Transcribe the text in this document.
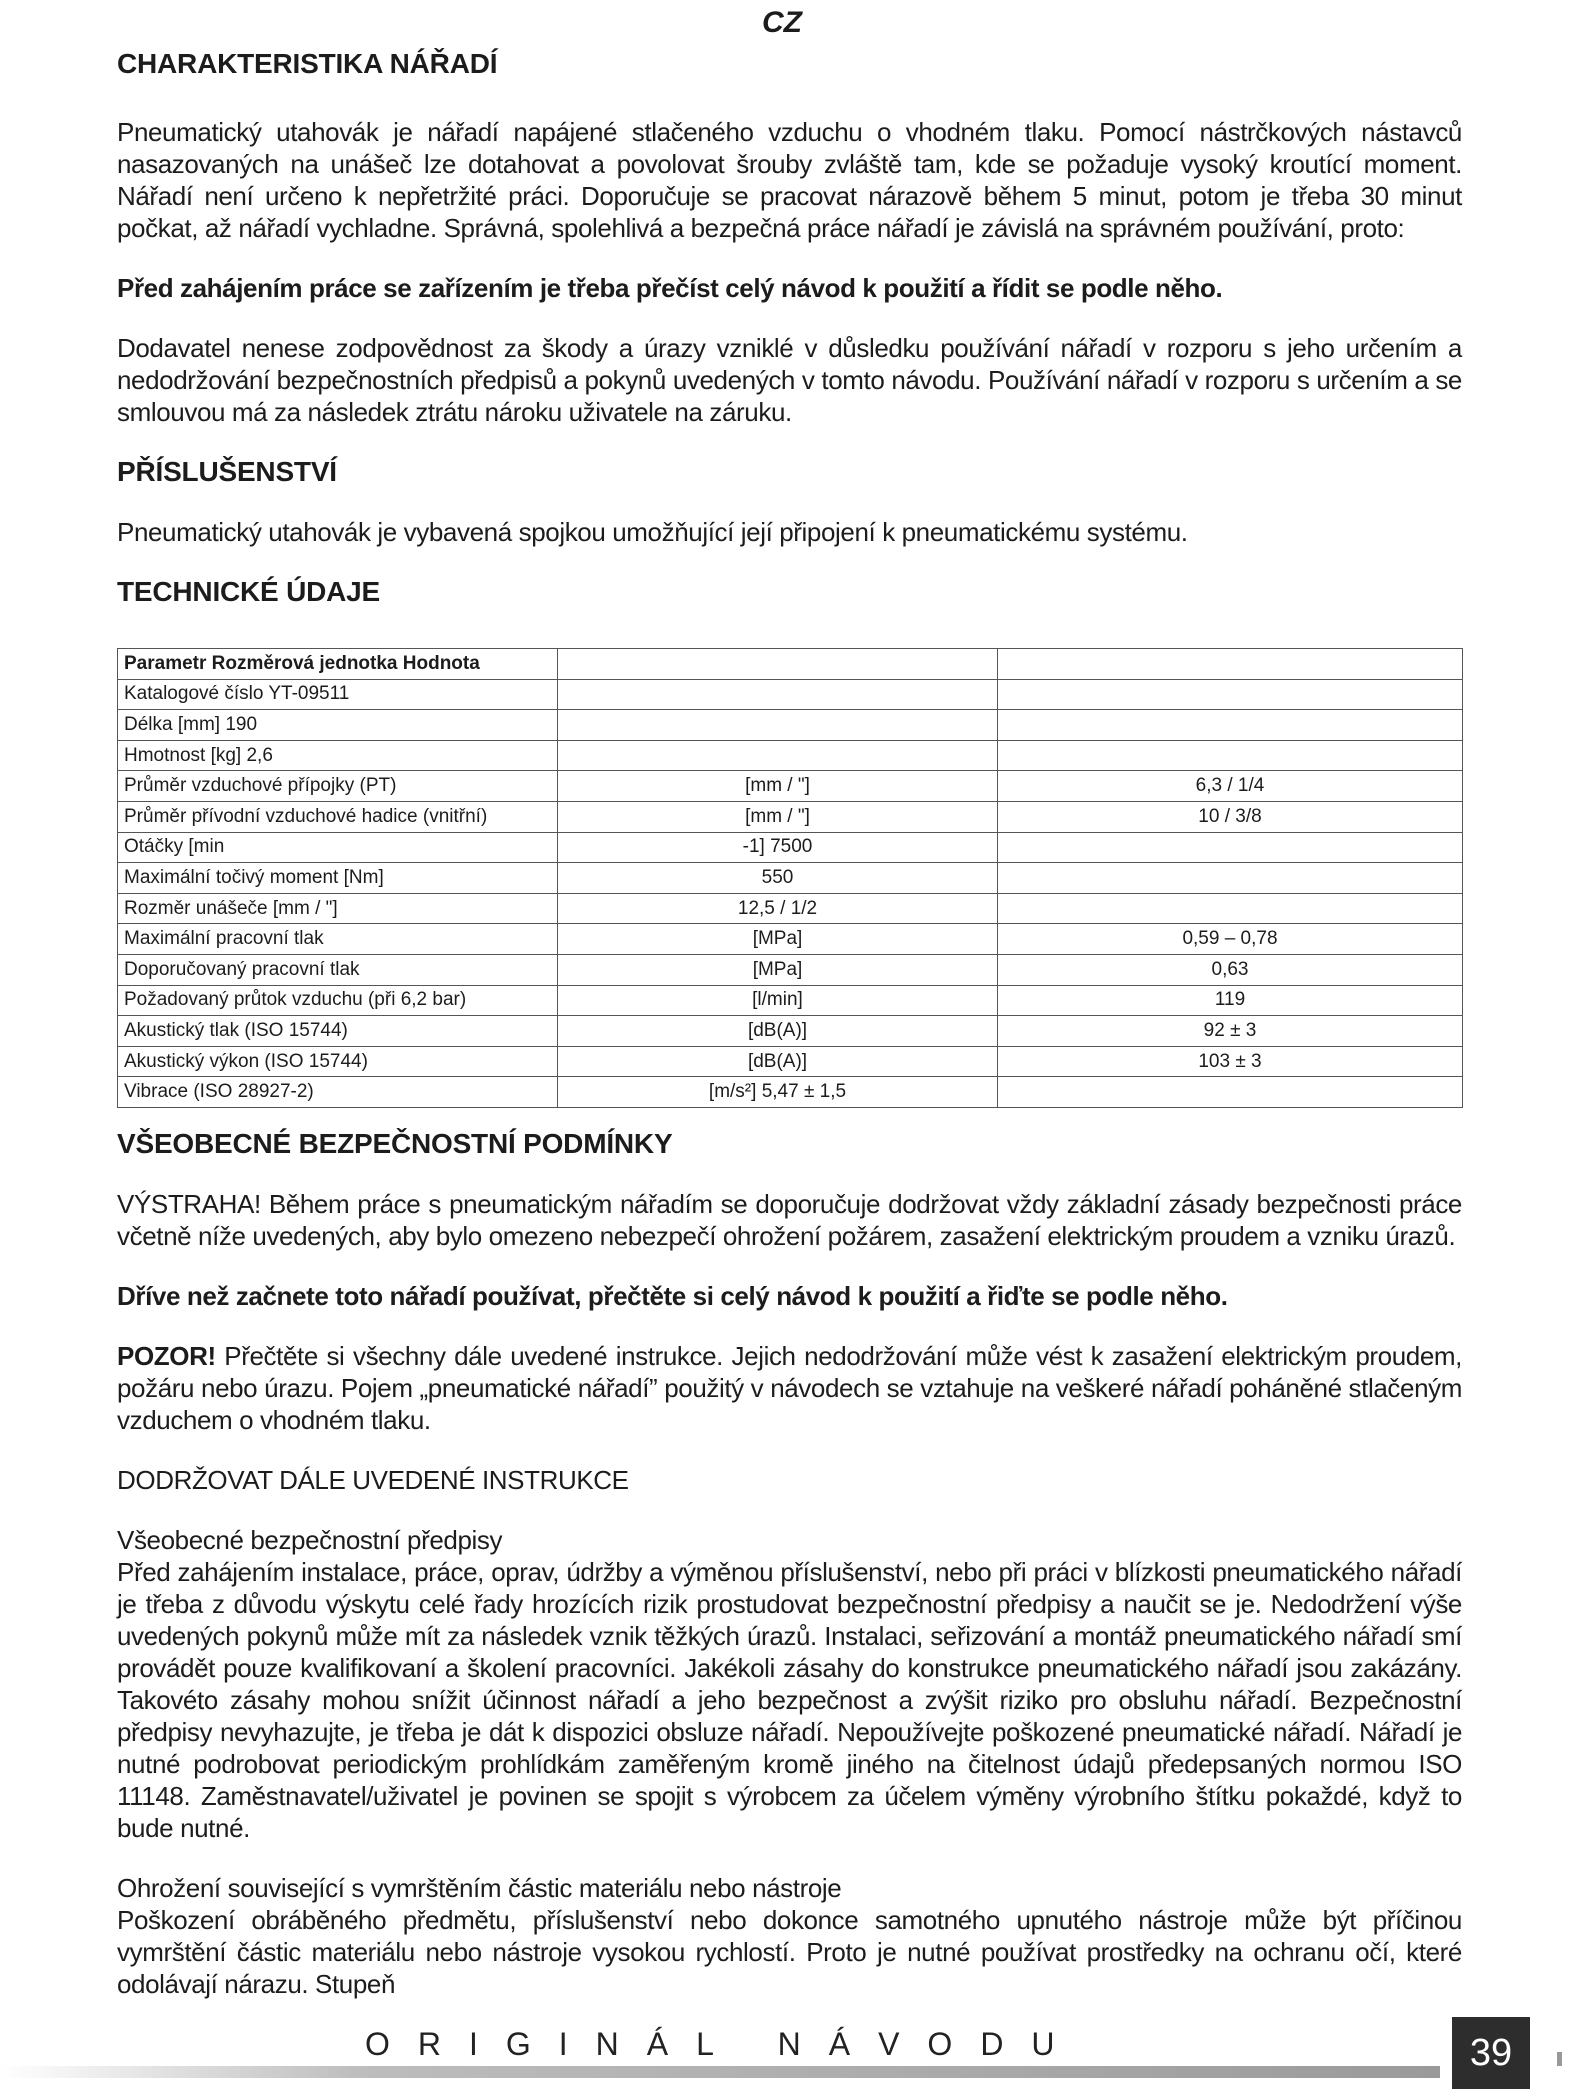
CZ
CHARAKTERISTIKA NÁŘADÍ

Pneumatický utahovák je nářadí napájené stlačeného vzduchu o vhodném tlaku. Pomocí nástrčkových nástavců nasazovaných na unášeč lze dotahovat a povolovat šrouby zvláště tam, kde se požaduje vysoký kroutící moment. Nářadí není určeno k nepřetržité práci. Doporučuje se pracovat nárazově během 5 minut, potom je třeba 30 minut počkat, až nářadí vychladne. Správná, spolehlivá a bezpečná práce nářadí je závislá na správném používání, proto:

Před zahájením práce se zařízením je třeba přečíst celý návod k použití a řídit se podle něho.

Dodavatel nenese zodpovědnost za škody a úrazy vzniklé v důsledku používání nářadí v rozporu s jeho určením a nedodržování bezpečnostních předpisů a pokynů uvedených v tomto návodu. Používání nářadí v rozporu s určením a se smlouvou má za následek ztrátu nároku uživatele na záruku.

PŘÍSLUŠENSTVÍ

Pneumatický utahovák je vybavená spojkou umožňující její připojení k pneumatickému systému.

TECHNICKÉ ÚDAJE
Parametr Rozměrová jednotka Hodnota		
Katalogové číslo YT-09511		
Délka [mm] 190		
Hmotnost [kg] 2,6		
Průměr vzduchové přípojky (PT)	[mm / "]	6,3 / 1/4
Průměr přívodní vzduchové hadice (vnitřní)	[mm / "]	10 / 3/8
Otáčky [min	-1] 7500	
Maximální točivý moment [Nm]	550	
Rozměr unášeče [mm / "]	12,5 / 1/2	
Maximální pracovní tlak	[MPa]	0,59 – 0,78
Doporučovaný pracovní tlak	[MPa]	0,63
Požadovaný průtok vzduchu (při 6,2 bar)	[l/min]	119
Akustický tlak (ISO 15744)	[dB(A)]	92 ± 3
Akustický výkon (ISO 15744)	[dB(A)]	103 ± 3
Vibrace (ISO 28927-2)	[m/s²] 5,47 ± 1,5	
VŠEOBECNÉ BEZPEČNOSTNÍ PODMÍNKY

VÝSTRAHA! Během práce s pneumatickým nářadím se doporučuje dodržovat vždy základní zásady bezpečnosti práce včetně níže uvedených, aby bylo omezeno nebezpečí ohrožení požárem, zasažení elektrickým proudem a vzniku úrazů.

Dříve než začnete toto nářadí používat, přečtěte si celý návod k použití a řiďte se podle něho.

POZOR! Přečtěte si všechny dále uvedené instrukce. Jejich nedodržování může vést k zasažení elektrickým proudem, požáru nebo úrazu. Pojem „pneumatické nářadí” použitý v návodech se vztahuje na veškeré nářadí poháněné stlačeným vzduchem o vhodném tlaku.

DODRŽOVAT DÁLE UVEDENÉ INSTRUKCE

Všeobecné bezpečnostní předpisy

Před zahájením instalace, práce, oprav, údržby a výměnou příslušenství, nebo při práci v blízkosti pneumatického nářadí je třeba z důvodu výskytu celé řady hrozících rizik prostudovat bezpečnostní předpisy a naučit se je. Nedodržení výše uvedených pokynů může mít za následek vznik těžkých úrazů. Instalaci, seřizování a montáž pneumatického nářadí smí provádět pouze kvalifikovaní a školení pracovníci. Jakékoli zásahy do konstrukce pneumatického nářadí jsou zakázány. Takovéto zásahy mohou snížit účinnost nářadí a jeho bezpečnost a zvýšit riziko pro obsluhu nářadí. Bezpečnostní předpisy nevyhazujte, je třeba je dát k dispozici obsluze nářadí. Nepoužívejte poškozené pneumatické nářadí. Nářadí je nutné podrobovat periodickým prohlídkám zaměřeným kromě jiného na čitelnost údajů předepsaných normou ISO 11148. Zaměstnavatel/uživatel je povinen se spojit s výrobcem za účelem výměny výrobního štítku pokaždé, když to bude nutné.

Ohrožení související s vymrštěním částic materiálu nebo nástroje

Poškození obráběného předmětu, příslušenství nebo dokonce samotného upnutého nástroje může být příčinou vymrštění částic materiálu nebo nástroje vysokou rychlostí. Proto je nutné používat prostředky na ochranu očí, které odolávají nárazu. Stupeň

ORIGINÁL NÁVODU	39
